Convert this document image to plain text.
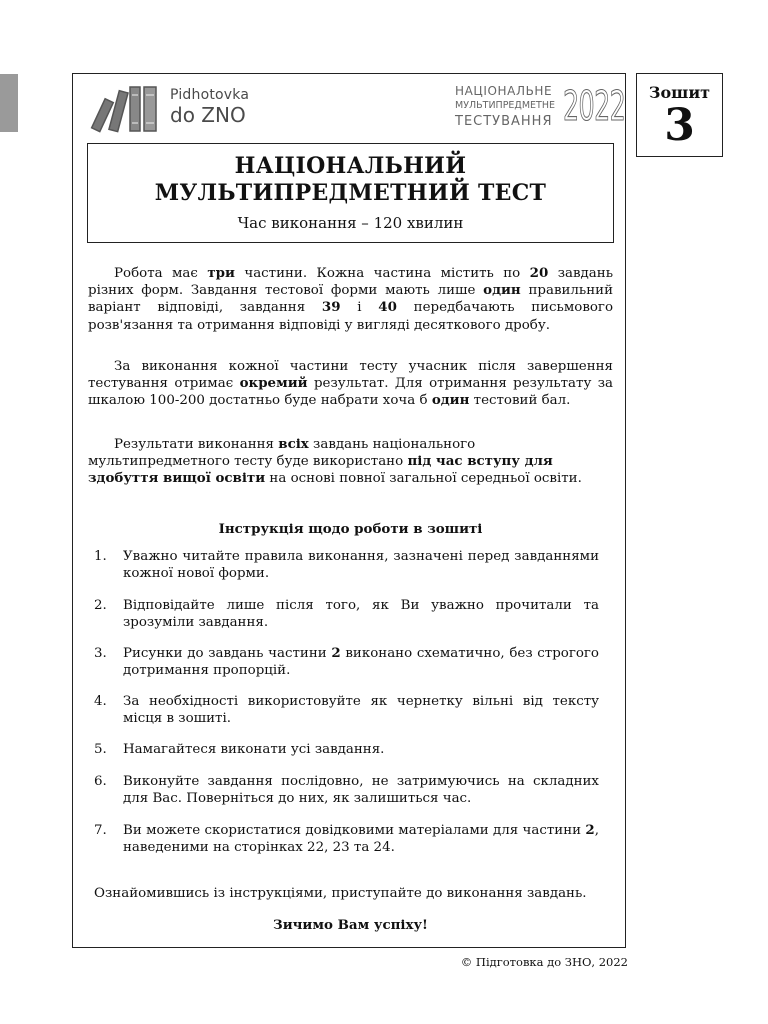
Зошит
3
Pidhotovka
do ZNO
НАЦІОНАЛЬНЕ
МУЛЬТИПРЕДМЕТНЕ
ТЕСТУВАННЯ 2022
НАЦІОНАЛЬНИЙ
МУЛЬТИПРЕДМЕТНИЙ ТЕСТ
Час виконання – 120 хвилин
Робота має три частини. Кожна частина містить по 20 завдань різних форм. Завдання тестової форми мають лише один правильний варіант відповіді, завдання 39 і 40 передбачають письмового розв'язання та отримання відповіді у вигляді десяткового дробу.
За виконання кожної частини тесту учасник після завершення тестування отримає окремий результат. Для отримання результату за шкалою 100-200 достатньо буде набрати хоча б один тестовий бал.
Результати виконання всіх завдань національного мультипредметного тесту буде використано під час вступу для здобуття вищої освіти на основі повної загальної середньої освіти.
Інструкція щодо роботи в зошиті
1.	Уважно читайте правила виконання, зазначені перед завданнями кожної нової форми.
2.	Відповідайте лише після того, як Ви уважно прочитали та зрозуміли завдання.
3.	Рисунки до завдань частини 2 виконано схематично, без строгого дотримання пропорцій.
4.	За необхідності використовуйте як чернетку вільні від тексту місця в зошиті.
5.	Намагайтеся виконати усі завдання.
6.	Виконуйте завдання послідовно, не затримуючись на складних для Вас. Поверніться до них, як залишиться час.
7.	Ви можете скористатися довідковими матеріалами для частини 2, наведеними на сторінках 22, 23 та 24.
Ознайомившись із інструкціями, приступайте до виконання завдань.
Зичимо Вам успіху!
© Підготовка до ЗНО, 2022
